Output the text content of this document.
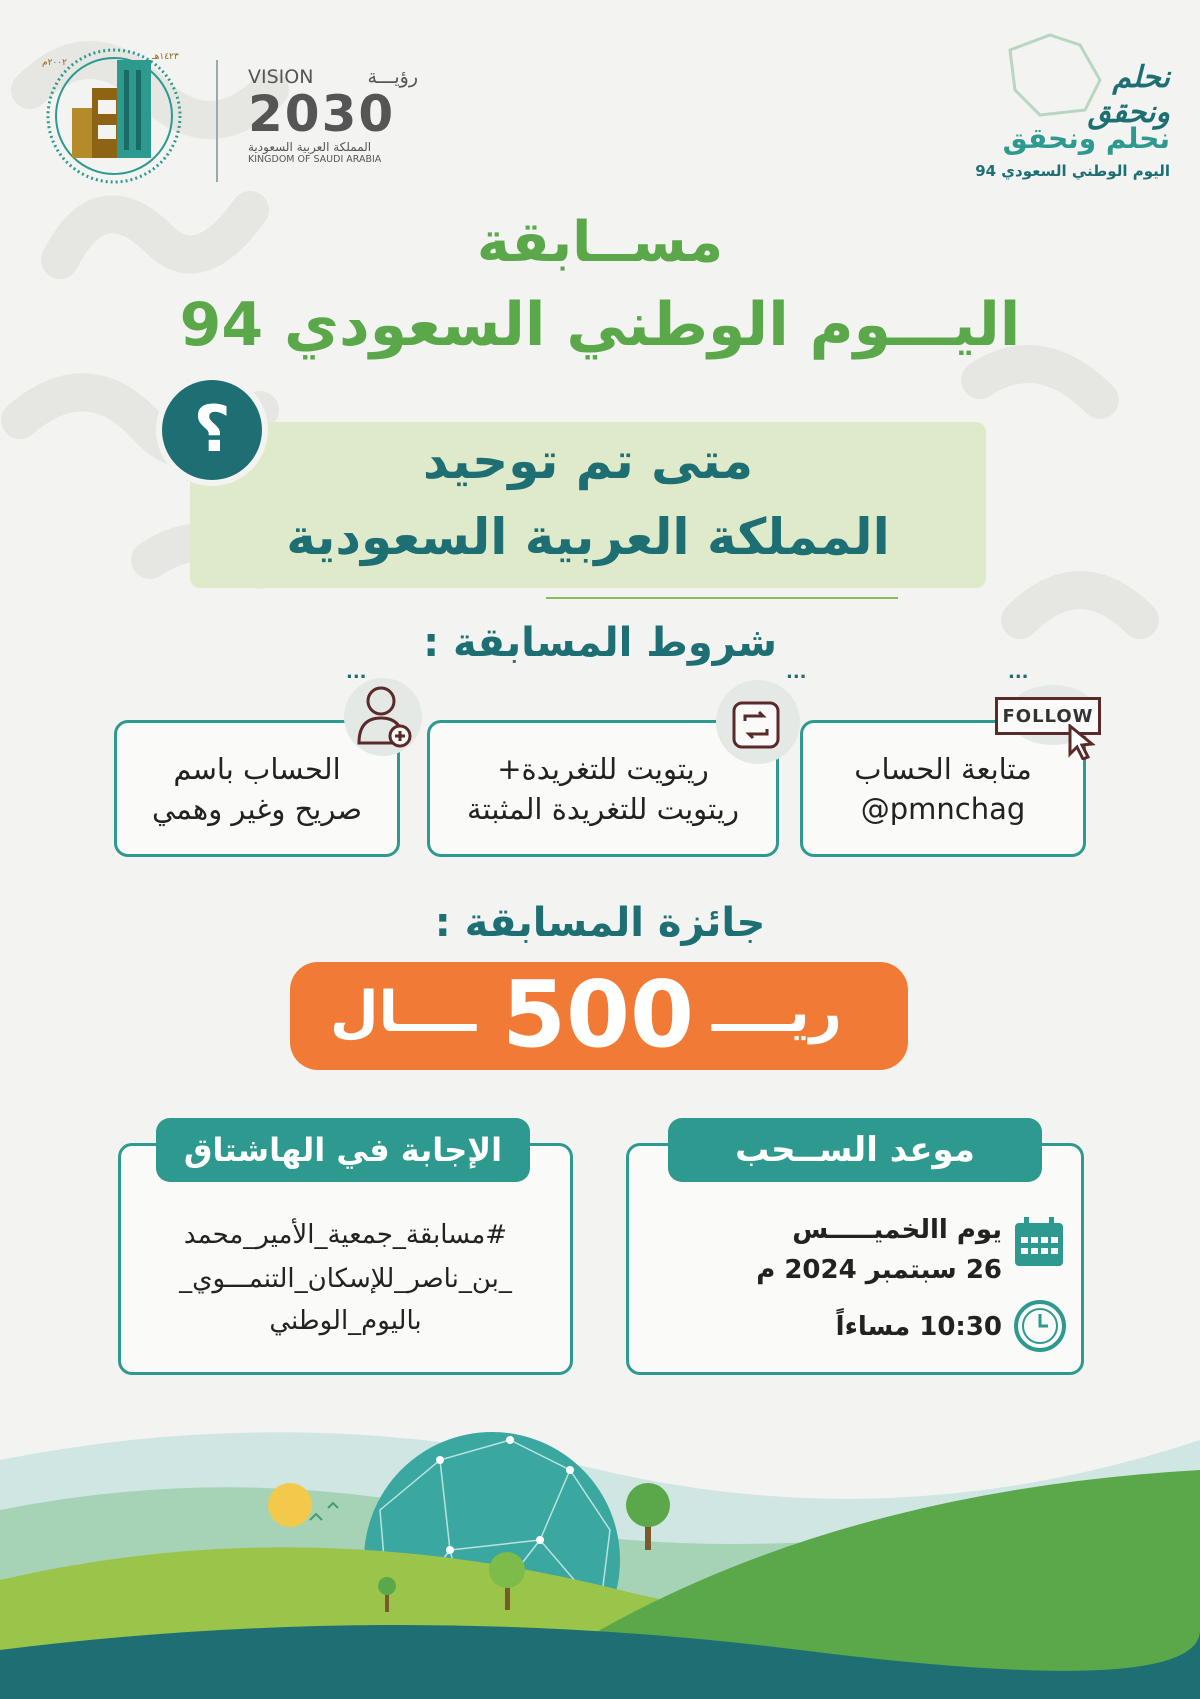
٢٠٠٢م
١٤٢٣هـ
VISION	رؤيـــة
2030
المملكة العربية السعودية
KINGDOM OF SAUDI ARABIA
نحلم ونحقق
نحلم ونحقق
اليوم الوطني السعودي 94
مســابقة
اليـــوم الوطني السعودي 94
؟	متى تم توحيد
المملكة العربية السعودية
شروط المسابقة :
...
FOLLOW
متابعة الحساب
@pmnchag
...
ريتويت للتغريدة+
ريتويت للتغريدة المثبتة
...
الحساب باسم
صريح وغير وهمي
جائزة المسابقة :
ــــال 500 ريــــ
موعد الســحب
يوم االخميـــــس
26 سبتمبر 2024 م
10:30 مساءاً
الإجابة في الهاشتاق
#مسابقة_جمعية_الأمير_محمد
_بن_ناصر_للإسكان_التنمـــوي_
باليوم_الوطني
